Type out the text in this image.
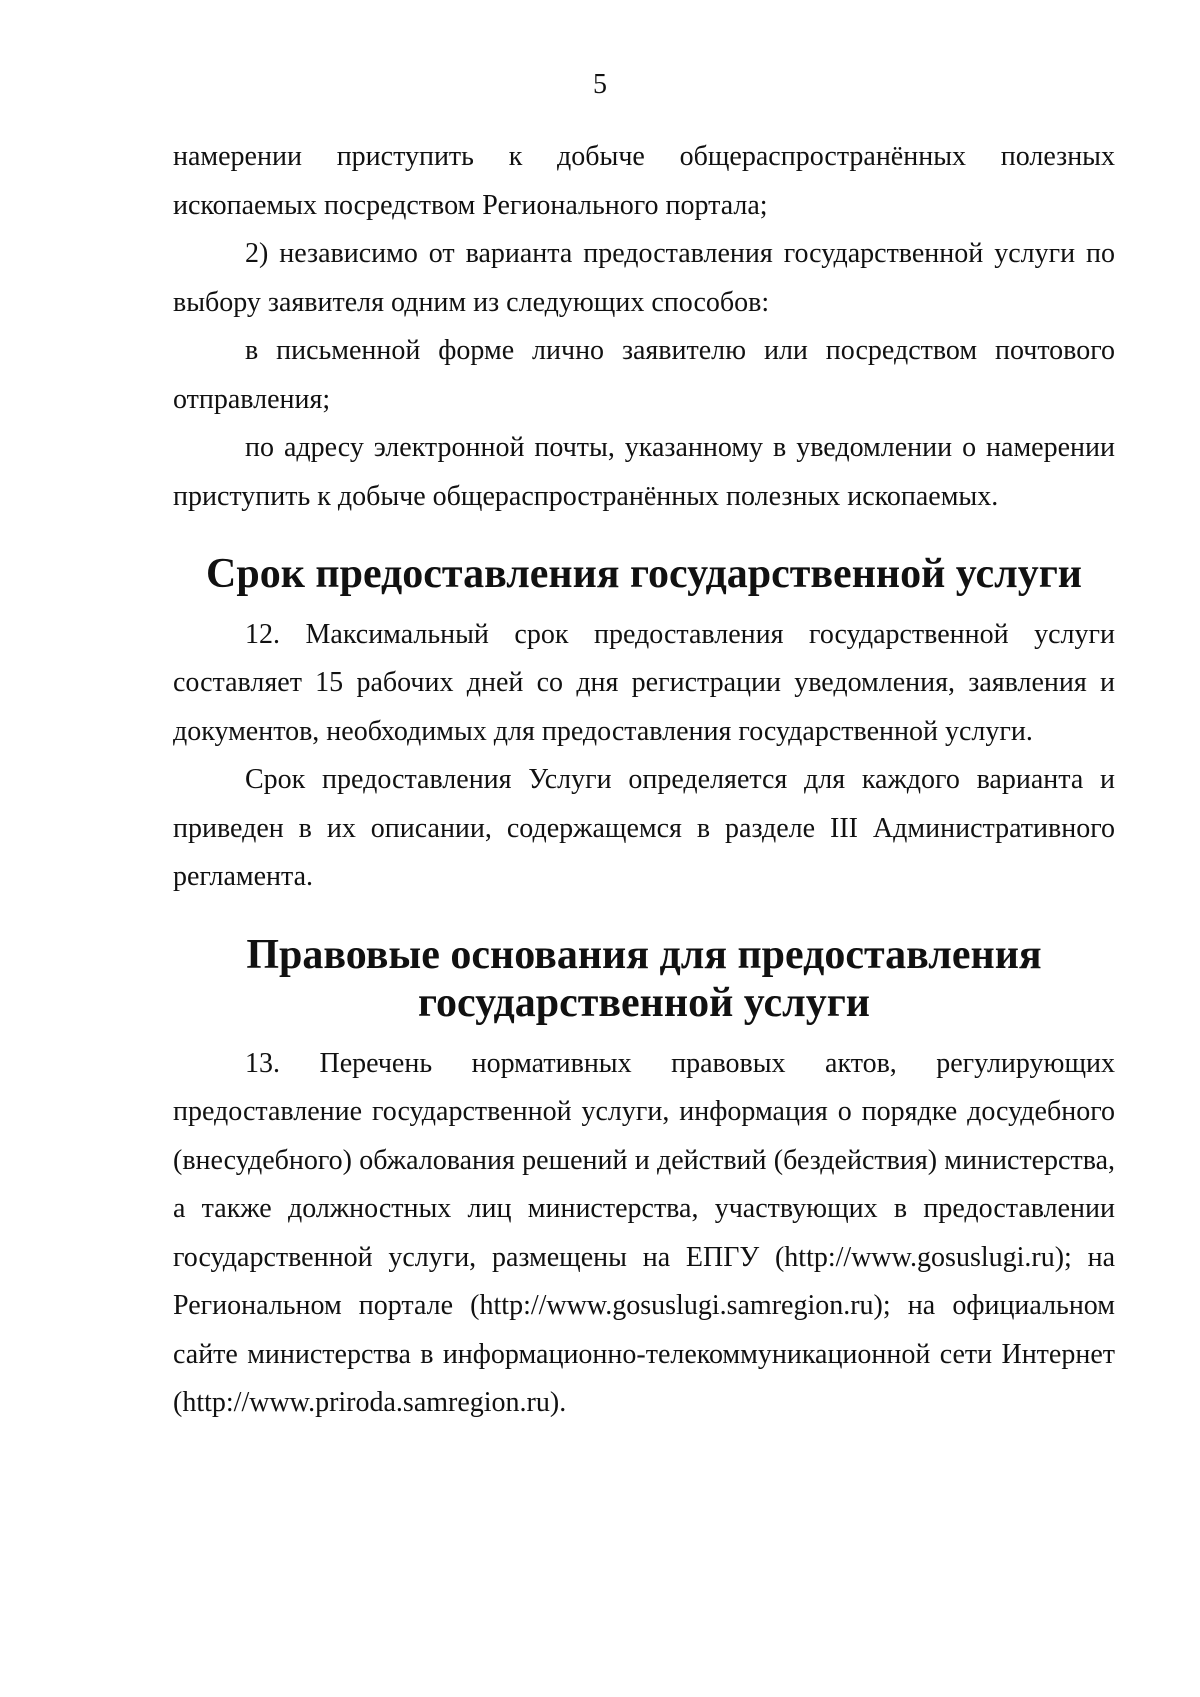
5

намерении приступить к добыче общераспространённых полезных ископаемых посредством Регионального портала;

2) независимо от варианта предоставления государственной услуги по выбору заявителя одним из следующих способов:

в письменной форме лично заявителю или посредством почтового отправления;

по адресу электронной почты, указанному в уведомлении о намерении приступить к добыче общераспространённых полезных ископаемых.

Срок предоставления государственной услуги

12. Максимальный срок предоставления государственной услуги составляет 15 рабочих дней со дня регистрации уведомления, заявления и документов, необходимых для предоставления государственной услуги.

Срок предоставления Услуги определяется для каждого варианта и приведен в их описании, содержащемся в разделе III Административного регламента.

Правовые основания для предоставления государственной услуги

13. Перечень нормативных правовых актов, регулирующих предоставление государственной услуги, информация о порядке досудебного (внесудебного) обжалования решений и действий (бездействия) министерства, а также должностных лиц министерства, участвующих в предоставлении государственной услуги, размещены на ЕПГУ (http://www.gosuslugi.ru); на Региональном портале (http://www.gosuslugi.samregion.ru); на официальном сайте министерства в информационно-телекоммуникационной сети Интернет (http://www.priroda.samregion.ru).
